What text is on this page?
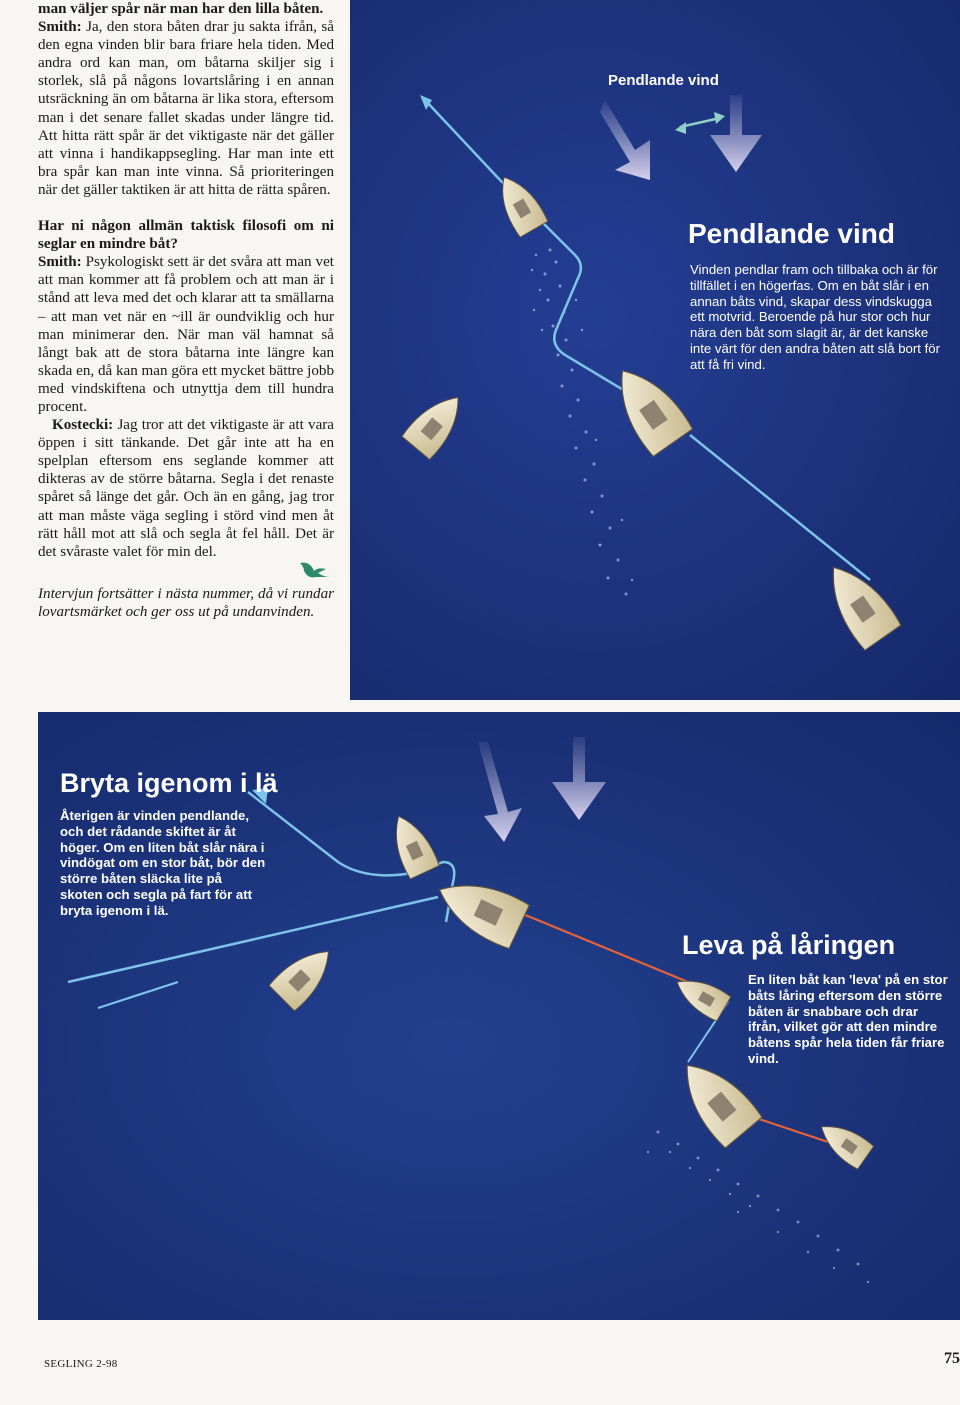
man väljer spår när man har den lilla båten.

Smith: Ja, den stora båten drar ju sakta ifrån, så den egna vinden blir bara friare hela tiden. Med andra ord kan man, om båtarna skiljer sig i storlek, slå på någons lovartslåring i en annan utsräckning än om båtarna är lika stora, eftersom man i det senare fallet skadas under längre tid. Att hitta rätt spår är det viktigaste när det gäller att vinna i handikappsegling. Har man inte ett bra spår kan man inte vinna. Så prioriteringen när det gäller taktiken är att hitta de rätta spåren.

Har ni någon allmän taktisk filosofi om ni seglar en mindre båt?

Smith: Psykologiskt sett är det svåra att man vet att man kommer att få problem och att man är i stånd att leva med det och klarar att ta smällarna – att man vet när en ~ill är oundviklig och hur man minimerar den. När man väl hamnat så långt bak att de stora båtarna inte längre kan skada en, då kan man göra ett mycket bättre jobb med vindskiftena och utnyttja dem till hundra procent.

Kostecki: Jag tror att det viktigaste är att vara öppen i sitt tänkande. Det går inte att ha en spelplan eftersom ens seglande kommer att dikteras av de större båtarna. Segla i det renaste spåret så länge det går. Och än en gång, jag tror att man måste väga segling i störd vind men åt rätt håll mot att slå och segla åt fel håll. Det är det svåraste valet för min del.

Intervjun fortsätter i nästa nummer, då vi rundar lovartsmärket och ger oss ut på undanvinden.

Pendlande vind
Pendlande vind
Vinden pendlar fram och tillbaka och är för tillfället i en högerfas. Om en båt slår i en annan båts vind, skapar dess vindskugga ett motvrid. Beroende på hur stor och hur nära den båt som slagit är, är det kanske inte värt för den andra båten att slå bort för att få fri vind.
Bryta igenom i lä
Återigen är vinden pendlande, och det rådande skiftet är åt höger. Om en liten båt slår nära i vindögat om en stor båt, bör den större båten släcka lite på skoten och segla på fart för att bryta igenom i lä.
Leva på låringen
En liten båt kan 'leva' på en stor båts låring eftersom den större båten är snabbare och drar ifrån, vilket gör att den mindre båtens spår hela tiden får friare vind.
SEGLING 2-98	75
